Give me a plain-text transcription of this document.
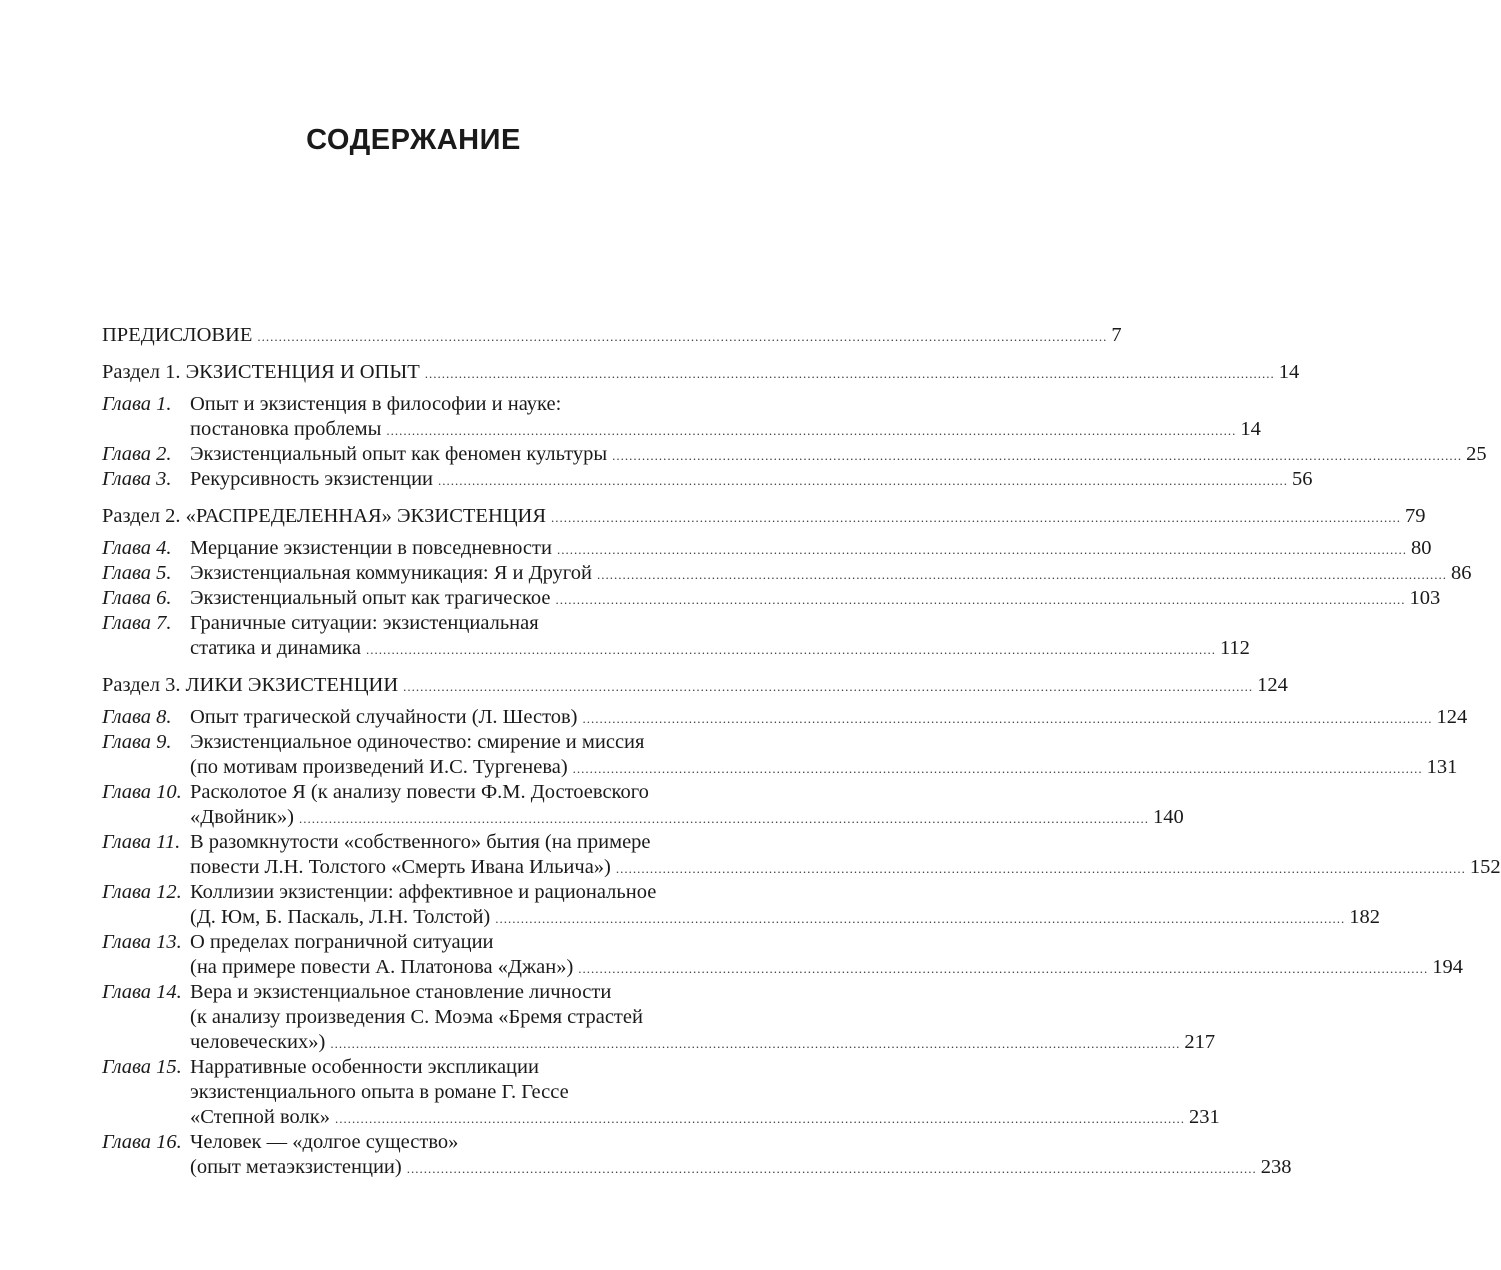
СОДЕРЖАНИЕ
ПРЕДИСЛОВИЕ ........................................................................................................................................................................................................ 7
Раздел 1. ЭКЗИСТЕНЦИЯ И ОПЫТ ........................................................................................................................................................................................................ 14
Глава 1. Опыт и экзистенция в философии и науке:
постановка проблемы ........................................................................................................................................................................................................ 14
Глава 2. Экзистенциальный опыт как феномен культуры ........................................................................................................................................................................................................ 25
Глава 3. Рекурсивность экзистенции ........................................................................................................................................................................................................ 56
Раздел 2. «РАСПРЕДЕЛЕННАЯ» ЭКЗИСТЕНЦИЯ ........................................................................................................................................................................................................ 79
Глава 4. Мерцание экзистенции в повседневности ........................................................................................................................................................................................................ 80
Глава 5. Экзистенциальная коммуникация: Я и Другой ........................................................................................................................................................................................................ 86
Глава 6. Экзистенциальный опыт как трагическое ........................................................................................................................................................................................................ 103
Глава 7. Граничные ситуации: экзистенциальная
статика и динамика ........................................................................................................................................................................................................ 112
Раздел 3. ЛИКИ ЭКЗИСТЕНЦИИ ........................................................................................................................................................................................................ 124
Глава 8. Опыт трагической случайности (Л. Шестов) ........................................................................................................................................................................................................ 124
Глава 9. Экзистенциальное одиночество: смирение и миссия
(по мотивам произведений И.С. Тургенева) ........................................................................................................................................................................................................ 131
Глава 10. Расколотое Я (к анализу повести Ф.М. Достоевского
«Двойник») ........................................................................................................................................................................................................ 140
Глава 11. В разомкнутости «собственного» бытия (на примере
повести Л.Н. Толстого «Смерть Ивана Ильича») ........................................................................................................................................................................................................ 152
Глава 12. Коллизии экзистенции: аффективное и рациональное
(Д. Юм, Б. Паскаль, Л.Н. Толстой) ........................................................................................................................................................................................................ 182
Глава 13. О пределах пограничной ситуации
(на примере повести А. Платонова «Джан») ........................................................................................................................................................................................................ 194
Глава 14. Вера и экзистенциальное становление личности
(к анализу произведения С. Моэма «Бремя страстей
человеческих») ........................................................................................................................................................................................................ 217
Глава 15. Нарративные особенности экспликации
экзистенциального опыта в романе Г. Гессе
«Степной волк» ........................................................................................................................................................................................................ 231
Глава 16. Человек — «долгое существо»
(опыт метаэкзистенции) ........................................................................................................................................................................................................ 238
